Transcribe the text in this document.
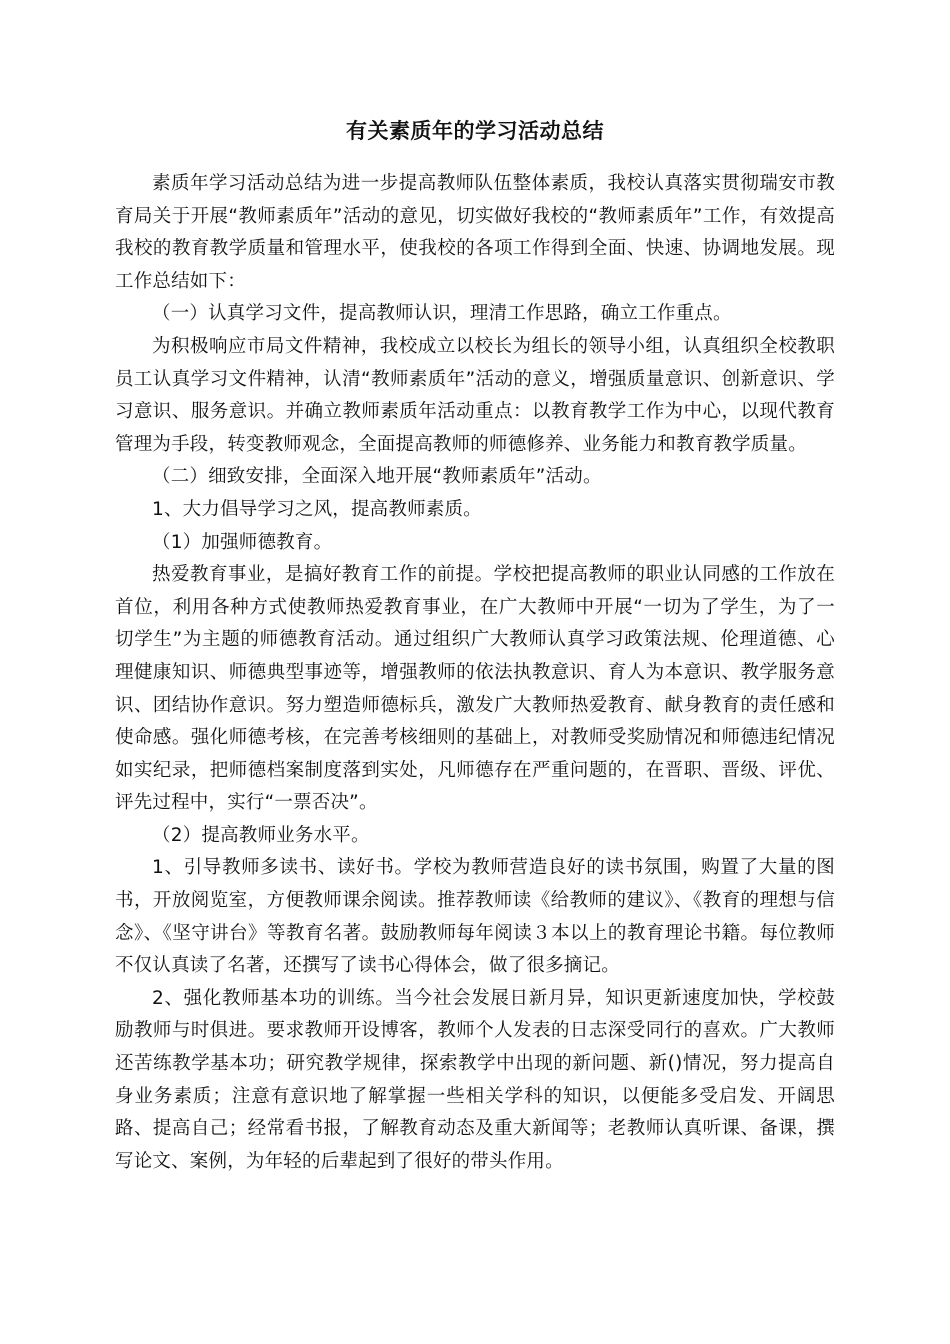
有关素质年的学习活动总结

素质年学习活动总结为进一步提高教师队伍整体素质，我校认真落实贯彻瑞安市教育局关于开展“教师素质年”活动的意见，切实做好我校的“教师素质年”工作，有效提高我校的教育教学质量和管理水平，使我校的各项工作得到全面、快速、协调地发展。现工作总结如下：

（一）认真学习文件，提高教师认识，理清工作思路，确立工作重点。

为积极响应市局文件精神，我校成立以校长为组长的领导小组，认真组织全校教职员工认真学习文件精神，认清“教师素质年”活动的意义，增强质量意识、创新意识、学习意识、服务意识。并确立教师素质年活动重点：以教育教学工作为中心，以现代教育管理为手段，转变教师观念，全面提高教师的师德修养、业务能力和教育教学质量。

（二）细致安排，全面深入地开展“教师素质年”活动。

1、大力倡导学习之风，提高教师素质。

（1）加强师德教育。

热爱教育事业，是搞好教育工作的前提。学校把提高教师的职业认同感的工作放在首位，利用各种方式使教师热爱教育事业，在广大教师中开展“一切为了学生，为了一切学生”为主题的师德教育活动。通过组织广大教师认真学习政策法规、伦理道德、心理健康知识、师德典型事迹等，增强教师的依法执教意识、育人为本意识、教学服务意识、团结协作意识。努力塑造师德标兵，激发广大教师热爱教育、献身教育的责任感和使命感。强化师德考核，在完善考核细则的基础上，对教师受奖励情况和师德违纪情况如实纪录，把师德档案制度落到实处，凡师德存在严重问题的，在晋职、晋级、评优、评先过程中，实行“一票否决”。

（2）提高教师业务水平。

1、引导教师多读书、读好书。学校为教师营造良好的读书氛围，购置了大量的图书，开放阅览室，方便教师课余阅读。推荐教师读《给教师的建议》、《教育的理想与信念》、《坚守讲台》等教育名著。鼓励教师每年阅读３本以上的教育理论书籍。每位教师不仅认真读了名著，还撰写了读书心得体会，做了很多摘记。

2、强化教师基本功的训练。当今社会发展日新月异，知识更新速度加快，学校鼓励教师与时俱进。要求教师开设博客，教师个人发表的日志深受同行的喜欢。广大教师还苦练教学基本功；研究教学规律，探索教学中出现的新问题、新()情况，努力提高自身业务素质；注意有意识地了解掌握一些相关学科的知识，以便能多受启发、开阔思路、提高自己；经常看书报，了解教育动态及重大新闻等；老教师认真听课、备课，撰写论文、案例，为年轻的后辈起到了很好的带头作用。
